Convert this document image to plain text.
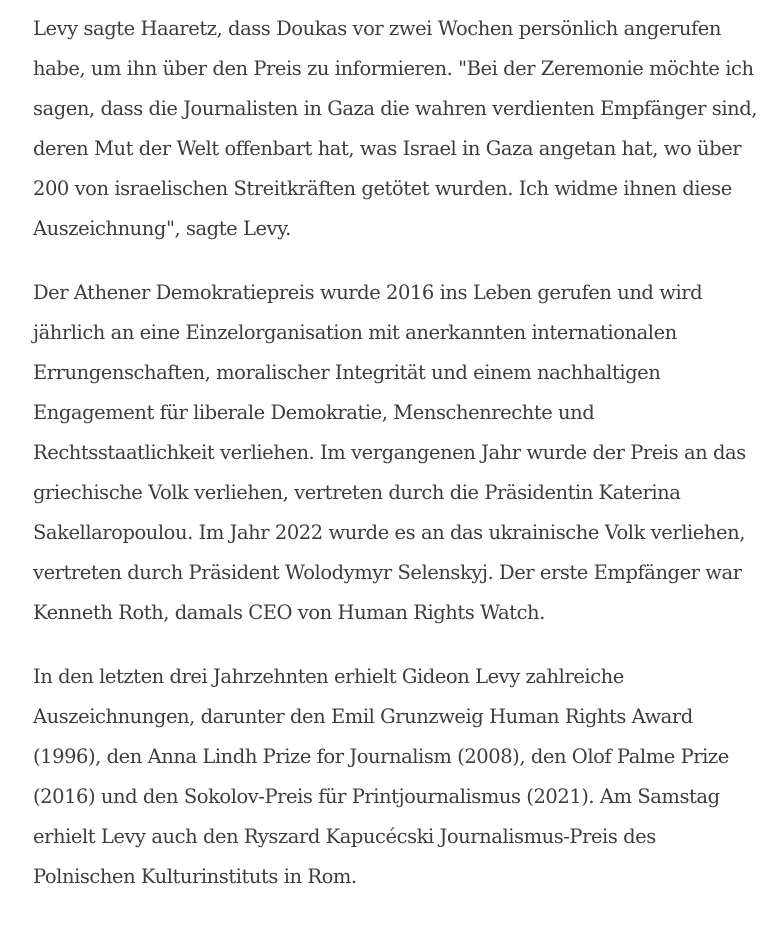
Levy sagte Haaretz, dass Doukas vor zwei Wochen persönlich angerufen habe, um ihn über den Preis zu informieren. "Bei der Zeremonie möchte ich sagen, dass die Journalisten in Gaza die wahren verdienten Empfänger sind, deren Mut der Welt offenbart hat, was Israel in Gaza angetan hat, wo über 200 von israelischen Streitkräften getötet wurden. Ich widme ihnen diese Auszeichnung", sagte Levy.

Der Athener Demokratiepreis wurde 2016 ins Leben gerufen und wird jährlich an eine Einzelorganisation mit anerkannten internationalen Errungenschaften, moralischer Integrität und einem nachhaltigen Engagement für liberale Demokratie, Menschenrechte und Rechtsstaatlichkeit verliehen. Im vergangenen Jahr wurde der Preis an das griechische Volk verliehen, vertreten durch die Präsidentin Katerina Sakellaropoulou. Im Jahr 2022 wurde es an das ukrainische Volk verliehen, vertreten durch Präsident Wolodymyr Selenskyj. Der erste Empfänger war Kenneth Roth, damals CEO von Human Rights Watch.

In den letzten drei Jahrzehnten erhielt Gideon Levy zahlreiche Auszeichnungen, darunter den Emil Grunzweig Human Rights Award (1996), den Anna Lindh Prize for Journalism (2008), den Olof Palme Prize (2016) und den Sokolov-Preis für Printjournalismus (2021). Am Samstag erhielt Levy auch den Ryszard Kapucécski Journalismus-Preis des Polnischen Kulturinstituts in Rom.
